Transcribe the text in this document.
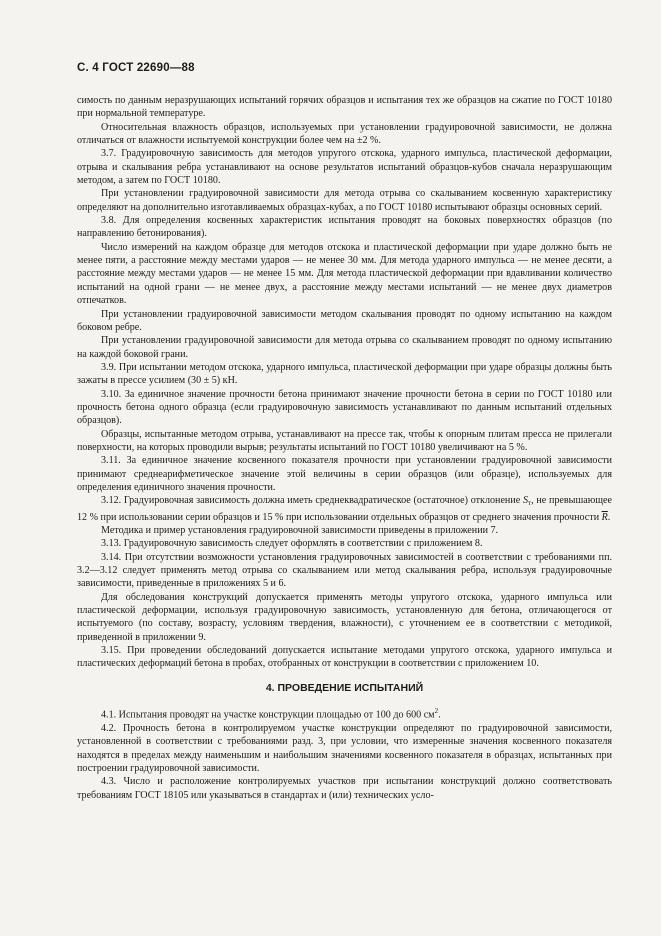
С. 4 ГОСТ 22690—88

симость по данным неразрушающих испытаний горячих образцов и испытания тех же образцов на сжатие по ГОСТ 10180 при нормальной температуре.

Относительная влажность образцов, используемых при установлении градуировочной зависимости, не должна отличаться от влажности испытуемой конструкции более чем на ±2 %.

3.7. Градуировочную зависимость для методов упругого отскока, ударного импульса, пластической деформации, отрыва и скалывания ребра устанавливают на основе результатов испытаний образцов-кубов сначала неразрушающим методом, а затем по ГОСТ 10180.

При установлении градуировочной зависимости для метода отрыва со скалыванием косвенную характеристику определяют на дополнительно изготавливаемых образцах-кубах, а по ГОСТ 10180 испытывают образцы основных серий.

3.8. Для определения косвенных характеристик испытания проводят на боковых поверхностях образцов (по направлению бетонирования).

Число измерений на каждом образце для методов отскока и пластической деформации при ударе должно быть не менее пяти, а расстояние между местами ударов — не менее 30 мм. Для метода ударного импульса — не менее десяти, а расстояние между местами ударов — не менее 15 мм. Для метода пластической деформации при вдавливании количество испытаний на одной грани — не менее двух, а расстояние между местами испытаний — не менее двух диаметров отпечатков.

При установлении градуировочной зависимости методом скалывания проводят по одному испытанию на каждом боковом ребре.

При установлении градуировочной зависимости для метода отрыва со скалыванием проводят по одному испытанию на каждой боковой грани.

3.9. При испытании методом отскока, ударного импульса, пластической деформации при ударе образцы должны быть зажаты в прессе усилием (30 ± 5) кН.

3.10. За единичное значение прочности бетона принимают значение прочности бетона в серии по ГОСТ 10180 или прочность бетона одного образца (если градуировочную зависимость устанавливают по данным испытаний отдельных образцов).

Образцы, испытанные методом отрыва, устанавливают на прессе так, чтобы к опорным плитам пресса не прилегали поверхности, на которых проводили вырыв; результаты испытаний по ГОСТ 10180 увеличивают на 5 %.

3.11. За единичное значение косвенного показателя прочности при установлении градуировочной зависимости принимают среднеарифметическое значение этой величины в серии образцов (или образце), используемых для определения единичного значения прочности.

3.12. Градуировочная зависимость должна иметь среднеквадратическое (остаточное) отклонение Sт, не превышающее 12 % при использовании серии образцов и 15 % при использовании отдельных образцов от среднего значения прочности $\overline{R}$.

Методика и пример установления градуировочной зависимости приведены в приложении 7.

3.13. Градуировочную зависимость следует оформлять в соответствии с приложением 8.

3.14. При отсутствии возможности установления градуировочных зависимостей в соответствии с требованиями пп. 3.2—3.12 следует применять метод отрыва со скалыванием или метод скалывания ребра, используя градуировочные зависимости, приведенные в приложениях 5 и 6.

Для обследования конструкций допускается применять методы упругого отскока, ударного импульса или пластической деформации, используя градуировочную зависимость, установленную для бетона, отличающегося от испытуемого (по составу, возрасту, условиям твердения, влажности), с уточнением ее в соответствии с методикой, приведенной в приложении 9.

3.15. При проведении обследований допускается испытание методами упругого отскока, ударного импульса и пластических деформаций бетона в пробах, отобранных от конструкции в соответствии с приложением 10.

4. ПРОВЕДЕНИЕ ИСПЫТАНИЙ

4.1. Испытания проводят на участке конструкции площадью от 100 до 600 $см^2$.

4.2. Прочность бетона в контролируемом участке конструкции определяют по градуировочной зависимости, установленной в соответствии с требованиями разд. 3, при условии, что измеренные значения косвенного показателя находятся в пределах между наименьшим и наибольшим значениями косвенного показателя в образцах, испытанных при построении градуировочной зависимости.

4.3. Число и расположение контролируемых участков при испытании конструкций должно соответствовать требованиям ГОСТ 18105 или указываться в стандартах и (или) технических усло-
